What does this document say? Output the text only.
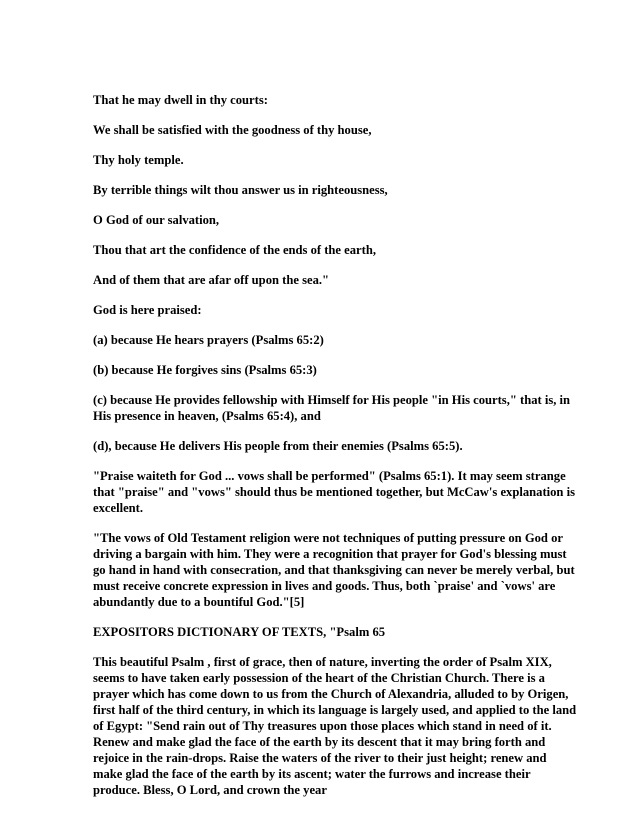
That he may dwell in thy courts:

We shall be satisfied with the goodness of thy house,

Thy holy temple.

By terrible things wilt thou answer us in righteousness,

O God of our salvation,

Thou that art the confidence of the ends of the earth,

And of them that are afar off upon the sea."

God is here praised:

(a) because He hears prayers (Psalms 65:2)

(b) because He forgives sins (Psalms 65:3)

(c) because He provides fellowship with Himself for His people "in His courts," that is, in His presence in heaven, (Psalms 65:4), and

(d), because He delivers His people from their enemies (Psalms 65:5).

"Praise waiteth for God ... vows shall be performed" (Psalms 65:1). It may seem strange that "praise" and "vows" should thus be mentioned together, but McCaw's explanation is excellent.

"The vows of Old Testament religion were not techniques of putting pressure on God or driving a bargain with him. They were a recognition that prayer for God's blessing must go hand in hand with consecration, and that thanksgiving can never be merely verbal, but must receive concrete expression in lives and goods. Thus, both `praise' and `vows' are abundantly due to a bountiful God."[5]

EXPOSITORS DICTIONARY OF TEXTS, "Psalm 65

This beautiful Psalm , first of grace, then of nature, inverting the order of Psalm XIX, seems to have taken early possession of the heart of the Christian Church. There is a prayer which has come down to us from the Church of Alexandria, alluded to by Origen, first half of the third century, in which its language is largely used, and applied to the land of Egypt: "Send rain out of Thy treasures upon those places which stand in need of it. Renew and make glad the face of the earth by its descent that it may bring forth and rejoice in the rain-drops. Raise the waters of the river to their just height; renew and make glad the face of the earth by its ascent; water the furrows and increase their produce. Bless, O Lord, and crown the year
